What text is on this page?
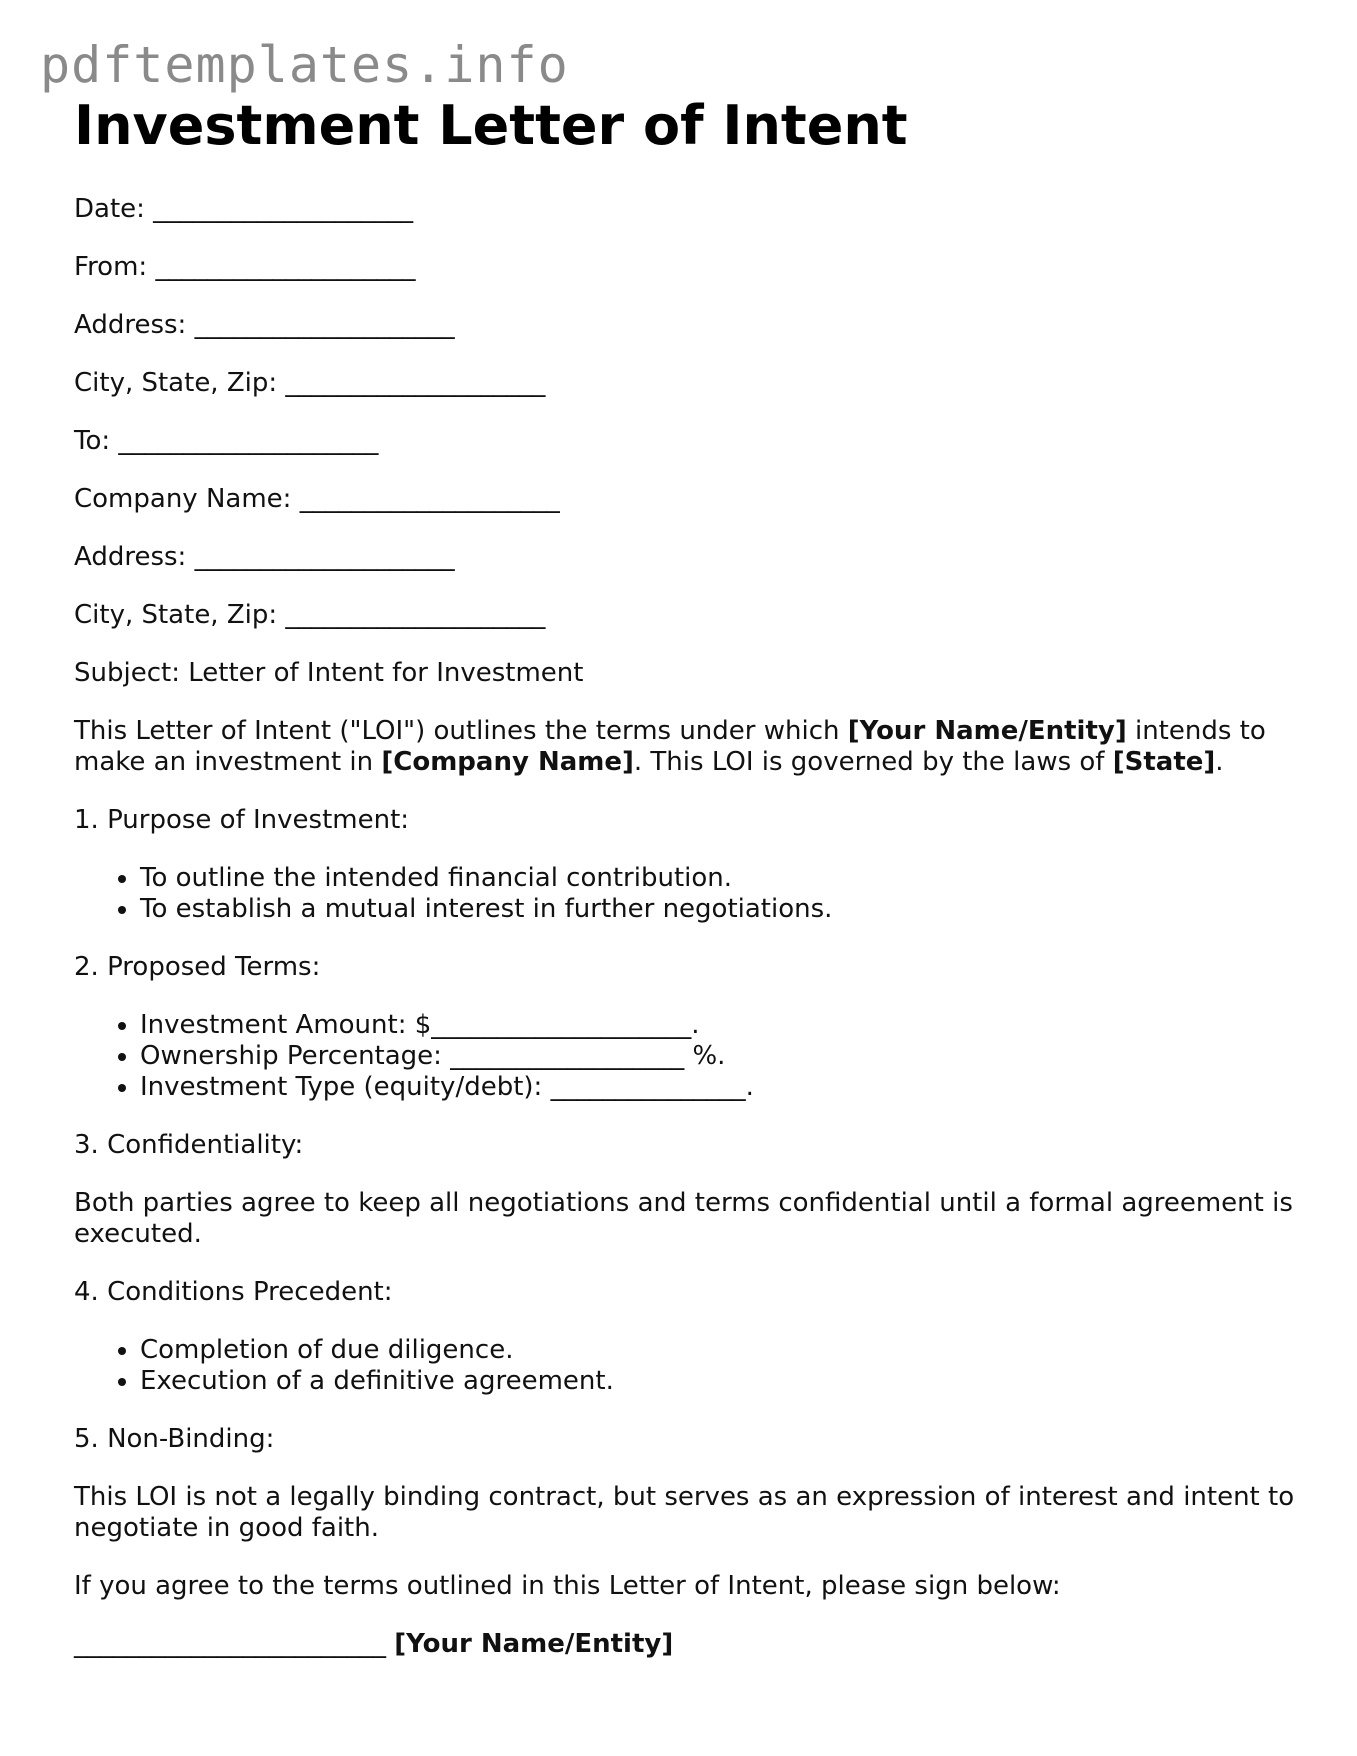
pdftemplates.info
Investment Letter of Intent

Date: ____________________

From: ____________________

Address: ____________________

City, State, Zip: ____________________

To: ____________________

Company Name: ____________________

Address: ____________________

City, State, Zip: ____________________

Subject: Letter of Intent for Investment

This Letter of Intent ("LOI") outlines the terms under which [Your Name/Entity] intends to make an investment in [Company Name]. This LOI is governed by the laws of [State].

1. Purpose of Investment:

• To outline the intended financial contribution.
• To establish a mutual interest in further negotiations.

2. Proposed Terms:

• Investment Amount: $____________________.
• Ownership Percentage: __________________ %.
• Investment Type (equity/debt): _______________.

3. Confidentiality:

Both parties agree to keep all negotiations and terms confidential until a formal agreement is executed.

4. Conditions Precedent:

• Completion of due diligence.
• Execution of a definitive agreement.

5. Non-Binding:

This LOI is not a legally binding contract, but serves as an expression of interest and intent to negotiate in good faith.

If you agree to the terms outlined in this Letter of Intent, please sign below:

________________________ [Your Name/Entity]
